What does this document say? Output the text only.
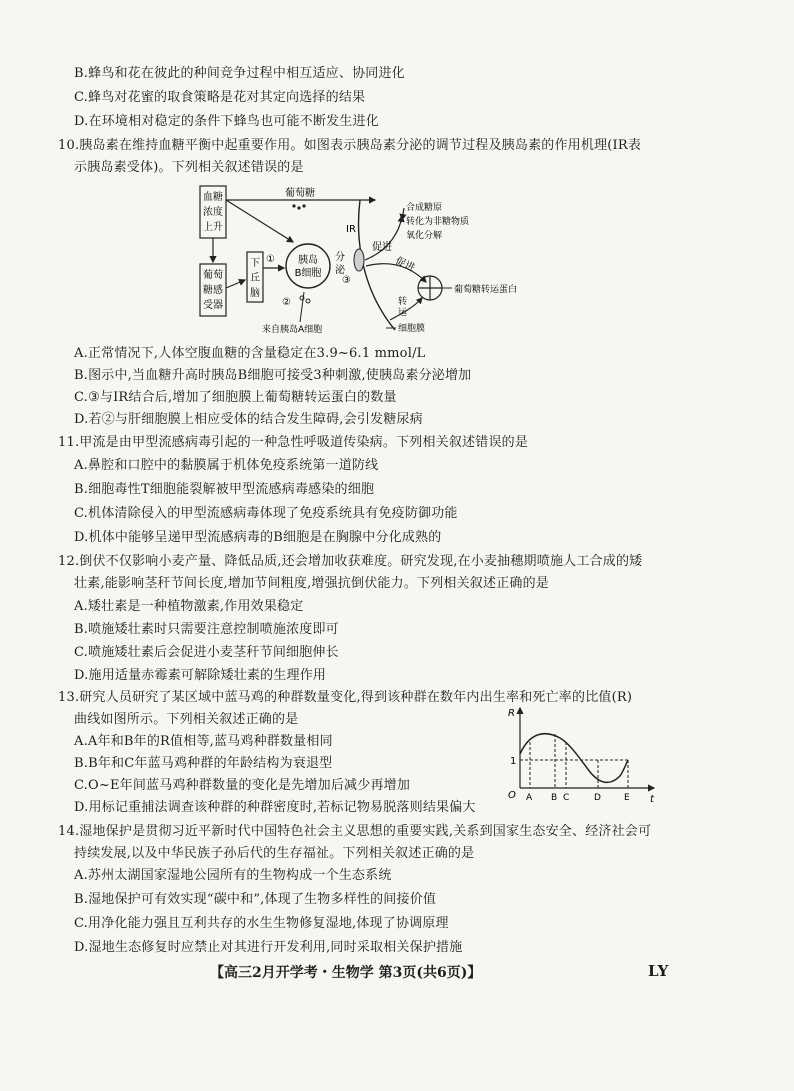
B.蜂鸟和花在彼此的种间竞争过程中相互适应、协同进化
C.蜂鸟对花蜜的取食策略是花对其定向选择的结果
D.在环境相对稳定的条件下蜂鸟也可能不断发生进化
10.胰岛素在维持血糖平衡中起重要作用。如图表示胰岛素分泌的调节过程及胰岛素的作用机理(IR表
示胰岛素受体)。下列相关叙述错误的是
血糖
浓度
上升
葡萄
糖感
受器
下
丘
脑
葡萄糖
胰岛
B细胞
①
②
来自胰岛A细胞
分
泌
③
IR
促进
促进
合成糖原
转化为非糖物质
氧化分解
葡萄糖转运蛋白
转
运
细胞膜
A.正常情况下,人体空腹血糖的含量稳定在3.9~6.1 mmol/L
B.图示中,当血糖升高时胰岛B细胞可接受3种刺激,使胰岛素分泌增加
C.③与IR结合后,增加了细胞膜上葡萄糖转运蛋白的数量
D.若②与肝细胞膜上相应受体的结合发生障碍,会引发糖尿病
11.甲流是由甲型流感病毒引起的一种急性呼吸道传染病。下列相关叙述错误的是
A.鼻腔和口腔中的黏膜属于机体免疫系统第一道防线
B.细胞毒性T细胞能裂解被甲型流感病毒感染的细胞
C.机体清除侵入的甲型流感病毒体现了免疫系统具有免疫防御功能
D.机体中能够呈递甲型流感病毒的B细胞是在胸腺中分化成熟的
12.倒伏不仅影响小麦产量、降低品质,还会增加收获难度。研究发现,在小麦抽穗期喷施人工合成的矮
壮素,能影响茎秆节间长度,增加节间粗度,增强抗倒伏能力。下列相关叙述正确的是
A.矮壮素是一种植物激素,作用效果稳定
B.喷施矮壮素时只需要注意控制喷施浓度即可
C.喷施矮壮素后会促进小麦茎秆节间细胞伸长
D.施用适量赤霉素可解除矮壮素的生理作用
13.研究人员研究了某区域中蓝马鸡的种群数量变化,得到该种群在数年内出生率和死亡率的比值(R)
曲线如图所示。下列相关叙述正确的是
A.A年和B年的R值相等,蓝马鸡种群数量相同
B.B年和C年蓝马鸡种群的年龄结构为衰退型
C.O~E年间蓝马鸡种群数量的变化是先增加后减少再增加
D.用标记重捕法调查该种群的种群密度时,若标记物易脱落则结果偏大
R
1
O	t
A B C	D	E
14.湿地保护是贯彻习近平新时代中国特色社会主义思想的重要实践,关系到国家生态安全、经济社会可
持续发展,以及中华民族子孙后代的生存福祉。下列相关叙述正确的是
A.苏州太湖国家湿地公园所有的生物构成一个生态系统
B.湿地保护可有效实现“碳中和”,体现了生物多样性的间接价值
C.用净化能力强且互利共存的水生生物修复湿地,体现了协调原理
D.湿地生态修复时应禁止对其进行开发利用,同时采取相关保护措施
【高三2月开学考・生物学 第3页(共6页)】	LY
